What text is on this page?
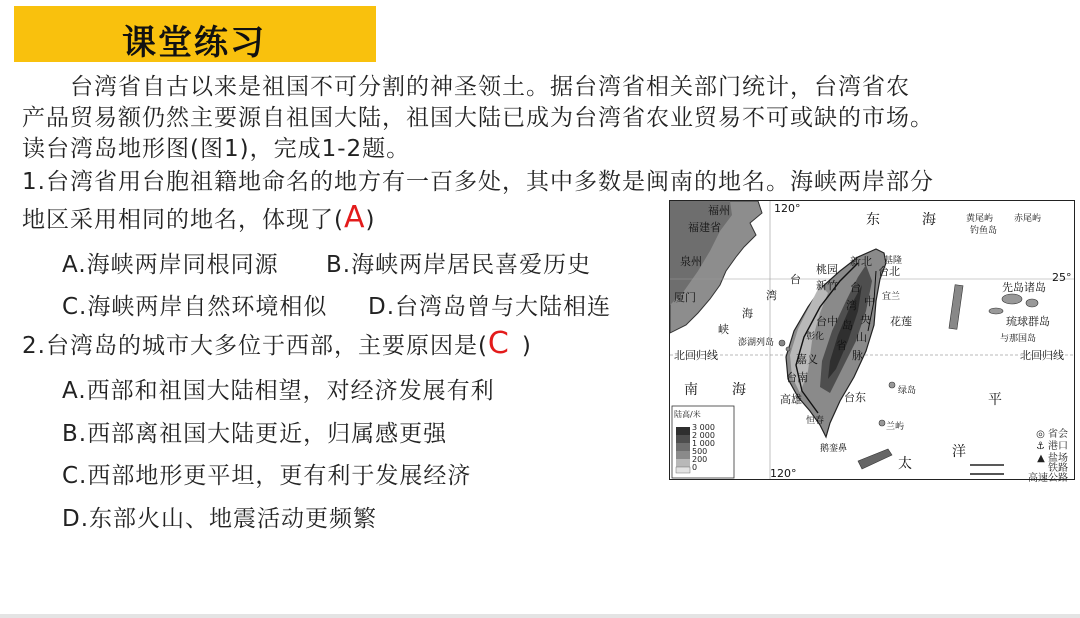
课堂练习
台湾省自古以来是祖国不可分割的神圣领土。据台湾省相关部门统计，台湾省农
产品贸易额仍然主要源自祖国大陆，祖国大陆已成为台湾省农业贸易不可或缺的市场。
读台湾岛地形图(图1)，完成1-2题。
1.台湾省用台胞祖籍地命名的地方有一百多处，其中多数是闽南的地名。海峡两岸部分
地区采用相同的地名，体现了(A)
A.海峡两岸同根同源 B.海峡两岸居民喜爱历史
C.海峡两岸自然环境相似 D.台湾岛曾与大陆相连
2.台湾岛的城市大多位于西部，主要原因是(C )
A.西部和祖国大陆相望，对经济发展有利
B.西部离祖国大陆更近，归属感更强
C.西部地形更平坦，更有利于发展经济
D.东部火山、地震活动更频繁
福州
福建省
泉州
厦门
120°
120°
25°
东	海	黄尾屿 赤尾屿
钓鱼岛
桃园
新北 基隆
台北
新竹
宜兰
花莲
台中
彰化
澎湖列岛
嘉义
台南
高雄	台东	绿岛
兰屿
鹅銮鼻
恒春
台
湾
海
峡
台
湾
岛
省
中
央
山
脉
北回归线	北回归线
南 海
太
平
洋
先岛诸岛
琉球群岛
与那国岛
陆高/米
3 000
2 000
1 000
500
200
0
◎ 省会
⚓ 港口
▲ 盐场
铁路
高速公路
